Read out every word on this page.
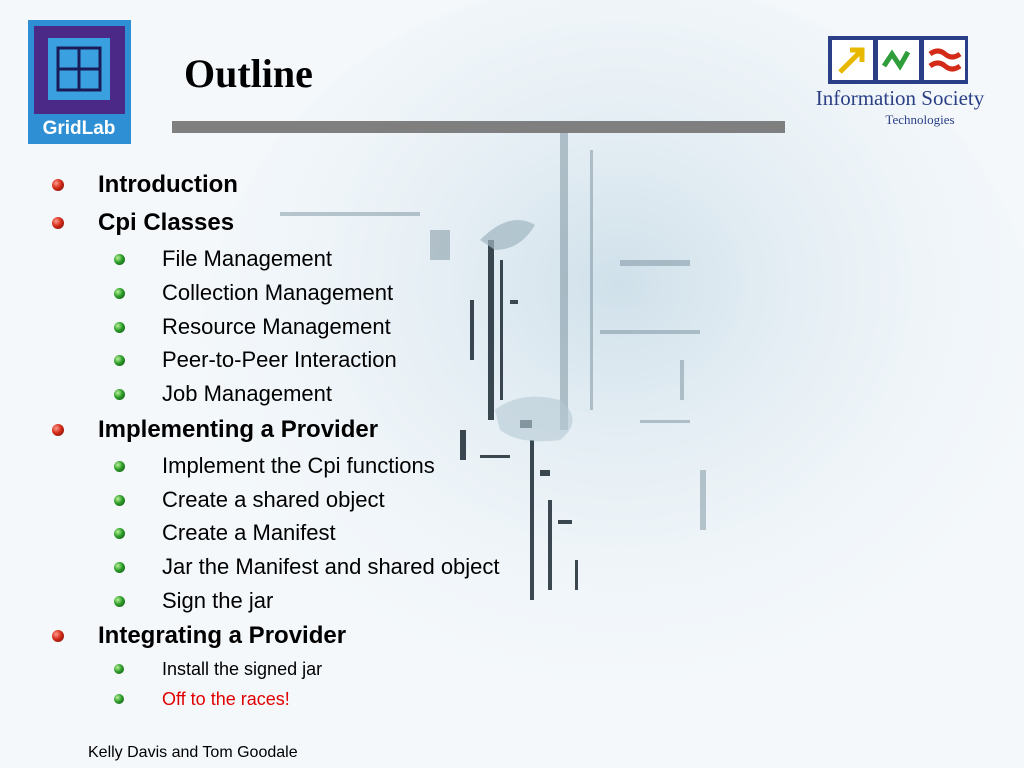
GridLab
Information Society
Technologies
Outline
Introduction
Cpi Classes
File Management
Collection Management
Resource Management
Peer-to-Peer Interaction
Job Management
Implementing a Provider
Implement the Cpi functions
Create a shared object
Create a Manifest
Jar the Manifest and shared object
Sign the jar
Integrating a Provider
Install the signed jar
Off to the races!
Kelly Davis and Tom Goodale
